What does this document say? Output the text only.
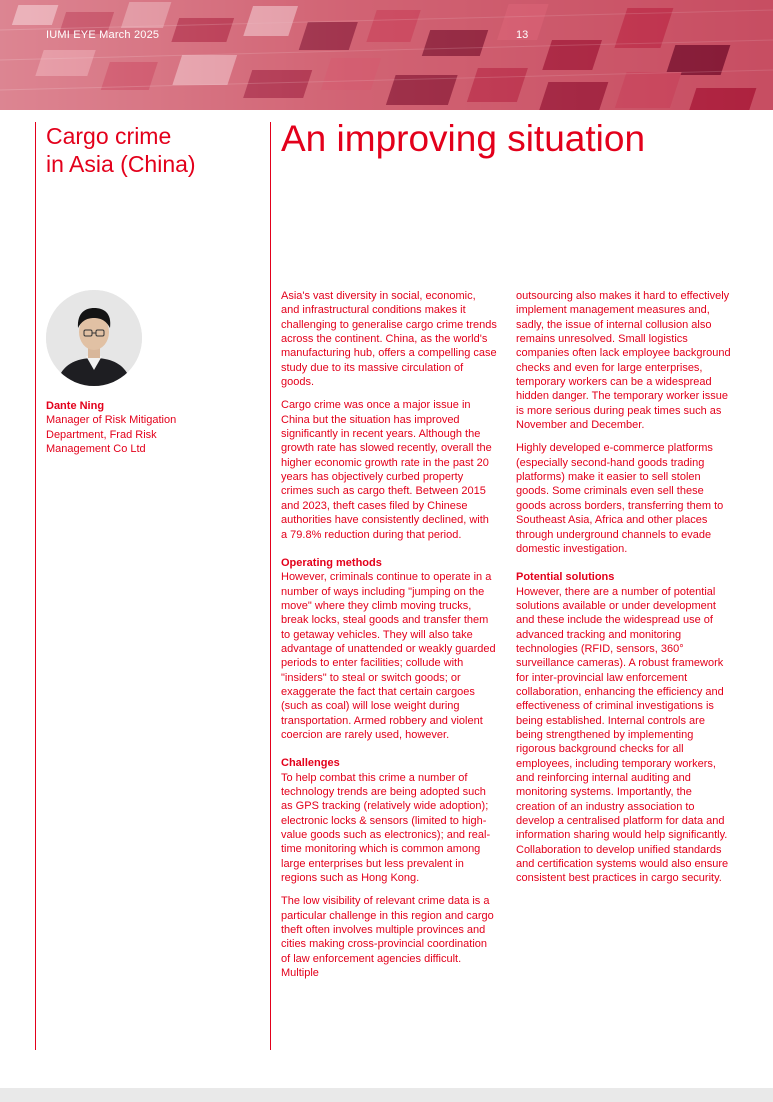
IUMI EYE March 2025	13
Cargo crime
in Asia (China)
An improving situation
Dante Ning
Manager of Risk Mitigation
Department, Frad Risk
Management Co Ltd

Asia's vast diversity in social, economic, and infrastructural conditions makes it challenging to generalise cargo crime trends across the continent. China, as the world's manufacturing hub, offers a compelling case study due to its massive circulation of goods.

Cargo crime was once a major issue in China but the situation has improved significantly in recent years. Although the growth rate has slowed recently, overall the higher economic growth rate in the past 20 years has objectively curbed property crimes such as cargo theft. Between 2015 and 2023, theft cases filed by Chinese authorities have consistently declined, with a 79.8% reduction during that period.

Operating methods

However, criminals continue to operate in a number of ways including "jumping on the move" where they climb moving trucks, break locks, steal goods and transfer them to getaway vehicles. They will also take advantage of unattended or weakly guarded periods to enter facilities; collude with "insiders" to steal or switch goods; or exaggerate the fact that certain cargoes (such as coal) will lose weight during transportation. Armed robbery and violent coercion are rarely used, however.

Challenges

To help combat this crime a number of technology trends are being adopted such as GPS tracking (relatively wide adoption); electronic locks & sensors (limited to high-value goods such as electronics); and real-time monitoring which is common among large enterprises but less prevalent in regions such as Hong Kong.

The low visibility of relevant crime data is a particular challenge in this region and cargo theft often involves multiple provinces and cities making cross-provincial coordination of law enforcement agencies difficult. Multiple

outsourcing also makes it hard to effectively implement management measures and, sadly, the issue of internal collusion also remains unresolved. Small logistics companies often lack employee background checks and even for large enterprises, temporary workers can be a widespread hidden danger. The temporary worker issue is more serious during peak times such as November and December.

Highly developed e-commerce platforms (especially second-hand goods trading platforms) make it easier to sell stolen goods. Some criminals even sell these goods across borders, transferring them to Southeast Asia, Africa and other places through underground channels to evade domestic investigation.

Potential solutions

However, there are a number of potential solutions available or under development and these include the widespread use of advanced tracking and monitoring technologies (RFID, sensors, 360° surveillance cameras). A robust framework for inter-provincial law enforcement collaboration, enhancing the efficiency and effectiveness of criminal investigations is being established. Internal controls are being strengthened by implementing rigorous background checks for all employees, including temporary workers, and reinforcing internal auditing and monitoring systems. Importantly, the creation of an industry association to develop a centralised platform for data and information sharing would help significantly. Collaboration to develop unified standards and certification systems would also ensure consistent best practices in cargo security.
